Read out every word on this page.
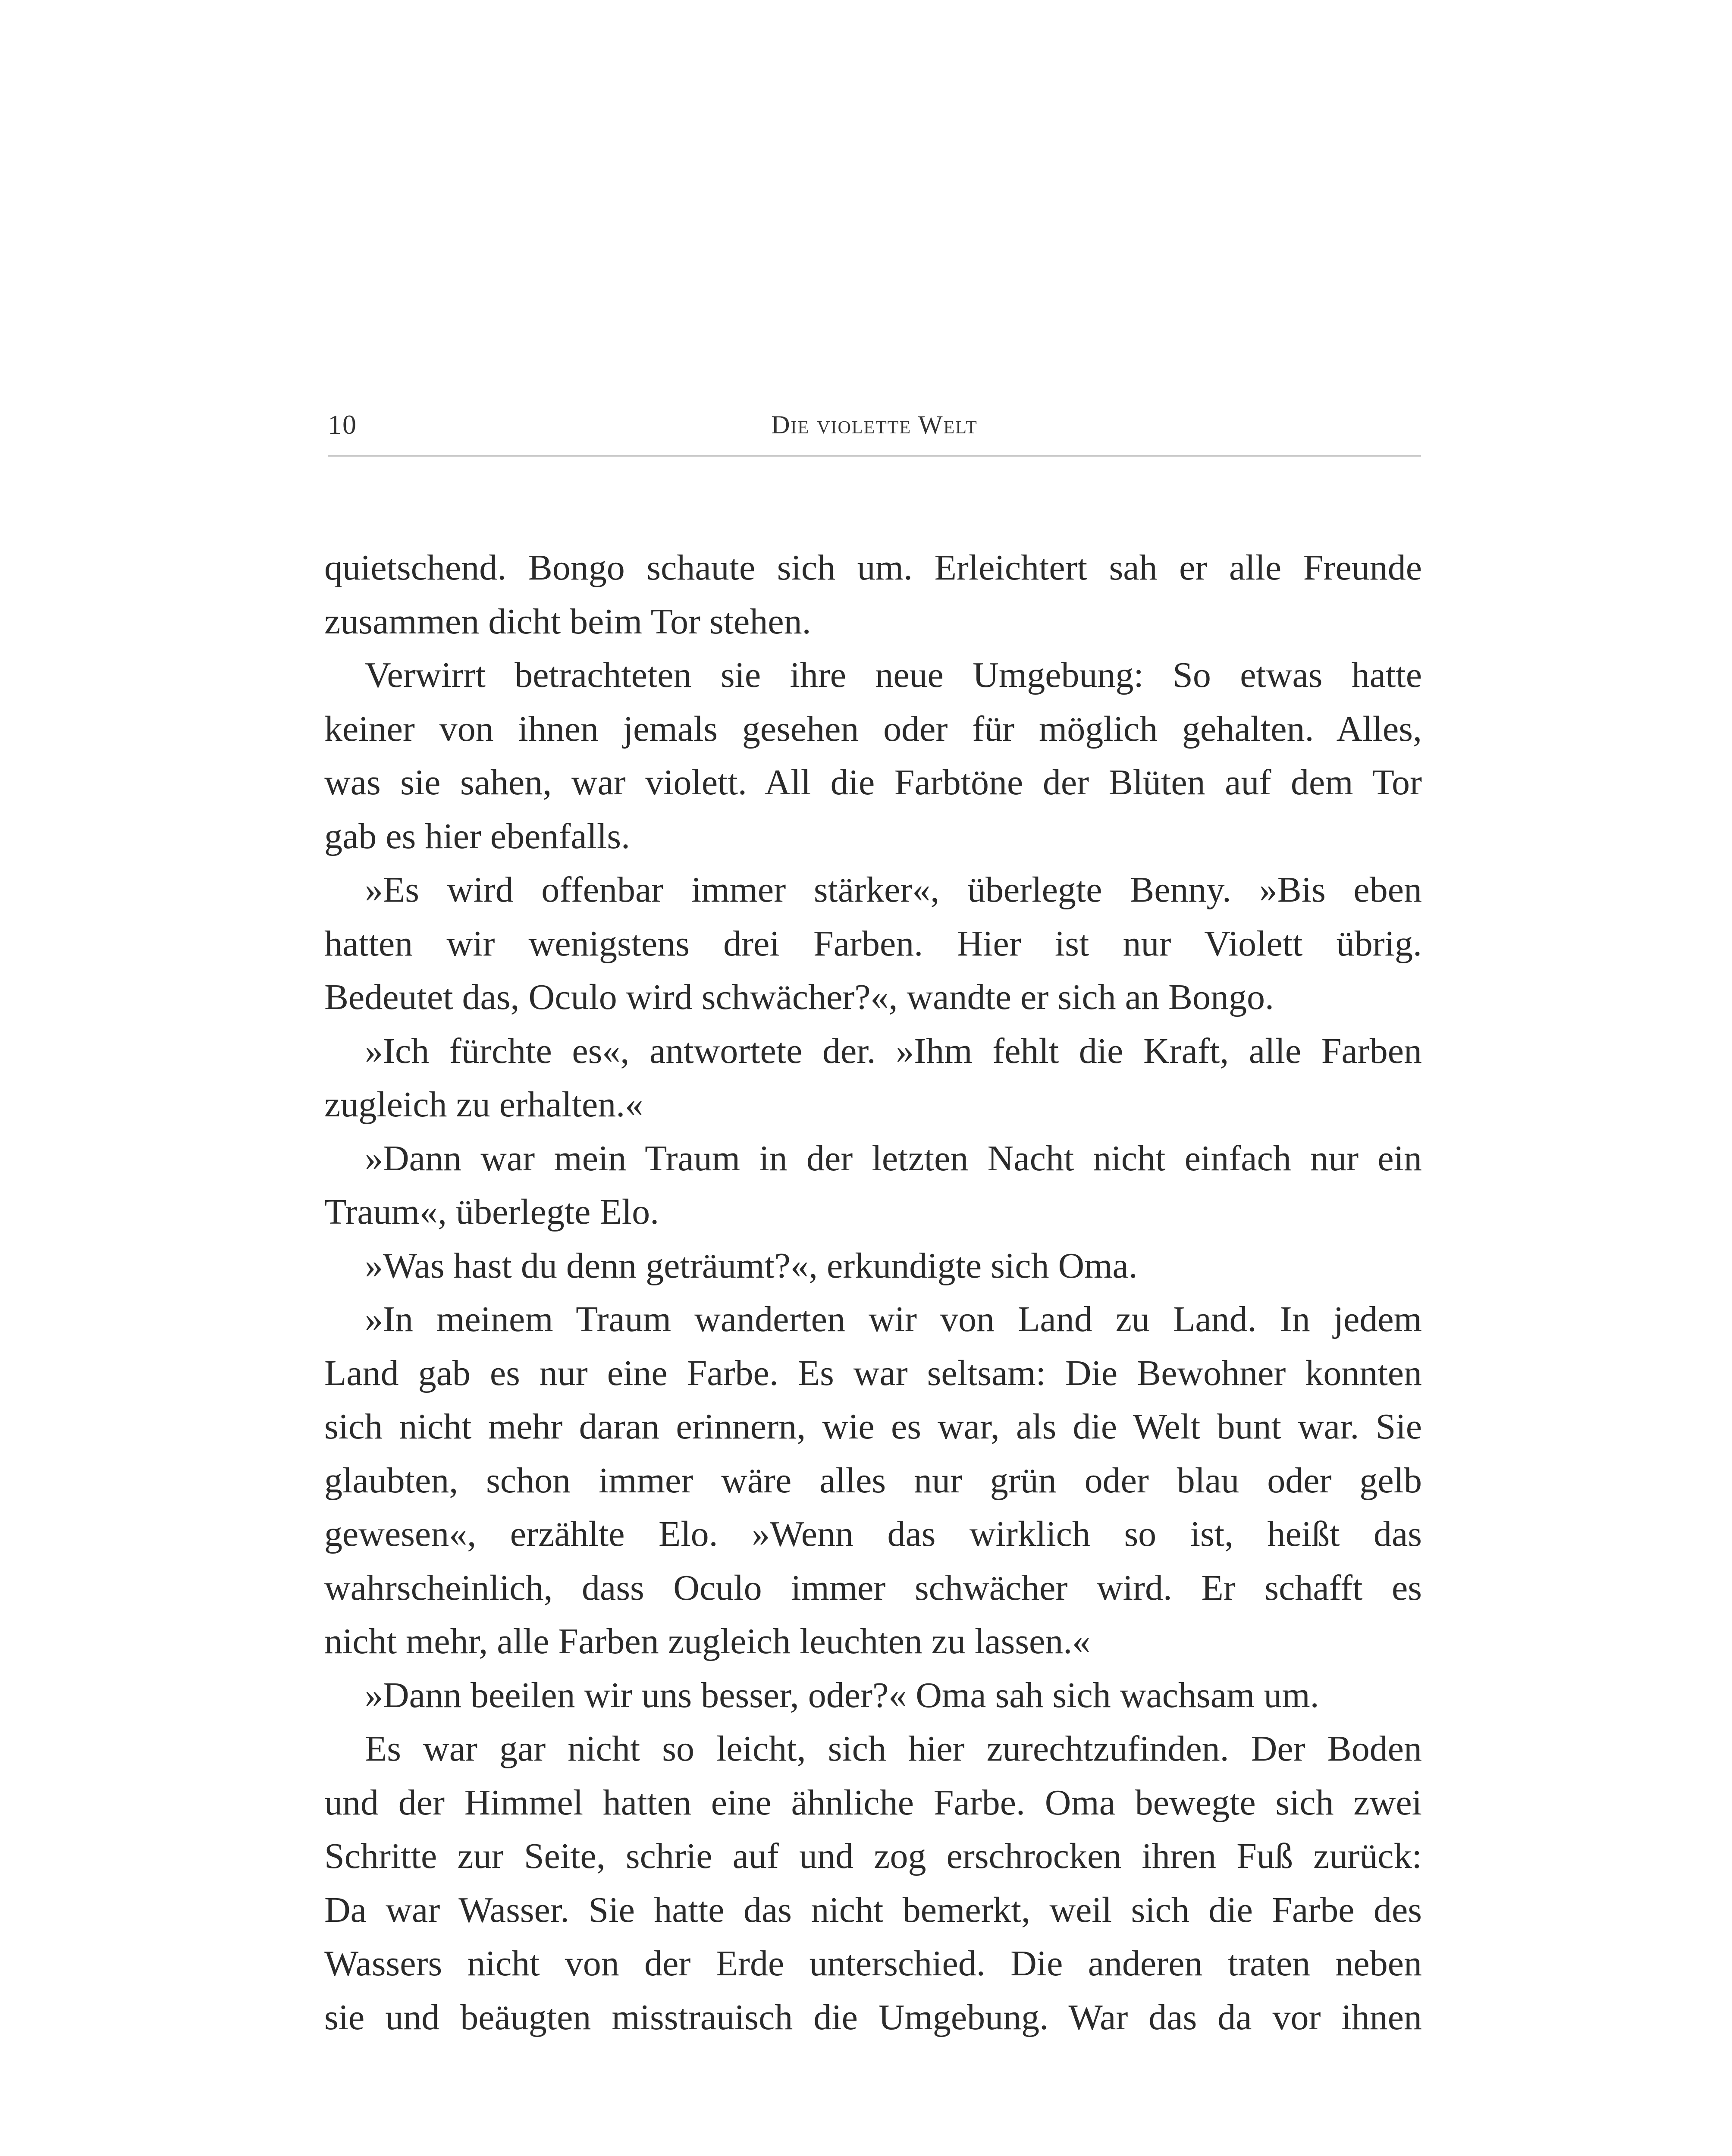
10	Die violette Welt

quietschend. Bongo schaute sich um. Erleichtert sah er alle Freunde
zusammen dicht beim Tor stehen.

Verwirrt betrachteten sie ihre neue Umgebung: So etwas hatte
keiner von ihnen jemals gesehen oder für möglich gehalten. Alles,
was sie sahen, war violett. All die Farbtöne der Blüten auf dem Tor
gab es hier ebenfalls.

»Es wird offenbar immer stärker«, überlegte Benny. »Bis eben
hatten wir wenigstens drei Farben. Hier ist nur Violett übrig.
Bedeutet das, Oculo wird schwächer?«, wandte er sich an Bongo.

»Ich fürchte es«, antwortete der. »Ihm fehlt die Kraft, alle Farben
zugleich zu erhalten.«

»Dann war mein Traum in der letzten Nacht nicht einfach nur ein
Traum«, überlegte Elo.

»Was hast du denn geträumt?«, erkundigte sich Oma.

»In meinem Traum wanderten wir von Land zu Land. In jedem
Land gab es nur eine Farbe. Es war seltsam: Die Bewohner konnten
sich nicht mehr daran erinnern, wie es war, als die Welt bunt war. Sie
glaubten, schon immer wäre alles nur grün oder blau oder gelb
gewesen«, erzählte Elo. »Wenn das wirklich so ist, heißt das
wahrscheinlich, dass Oculo immer schwächer wird. Er schafft es
nicht mehr, alle Farben zugleich leuchten zu lassen.«

»Dann beeilen wir uns besser, oder?« Oma sah sich wachsam um.

Es war gar nicht so leicht, sich hier zurechtzufinden. Der Boden
und der Himmel hatten eine ähnliche Farbe. Oma bewegte sich zwei
Schritte zur Seite, schrie auf und zog erschrocken ihren Fuß zurück:
Da war Wasser. Sie hatte das nicht bemerkt, weil sich die Farbe des
Wassers nicht von der Erde unterschied. Die anderen traten neben
sie und beäugten misstrauisch die Umgebung. War das da vor ihnen
